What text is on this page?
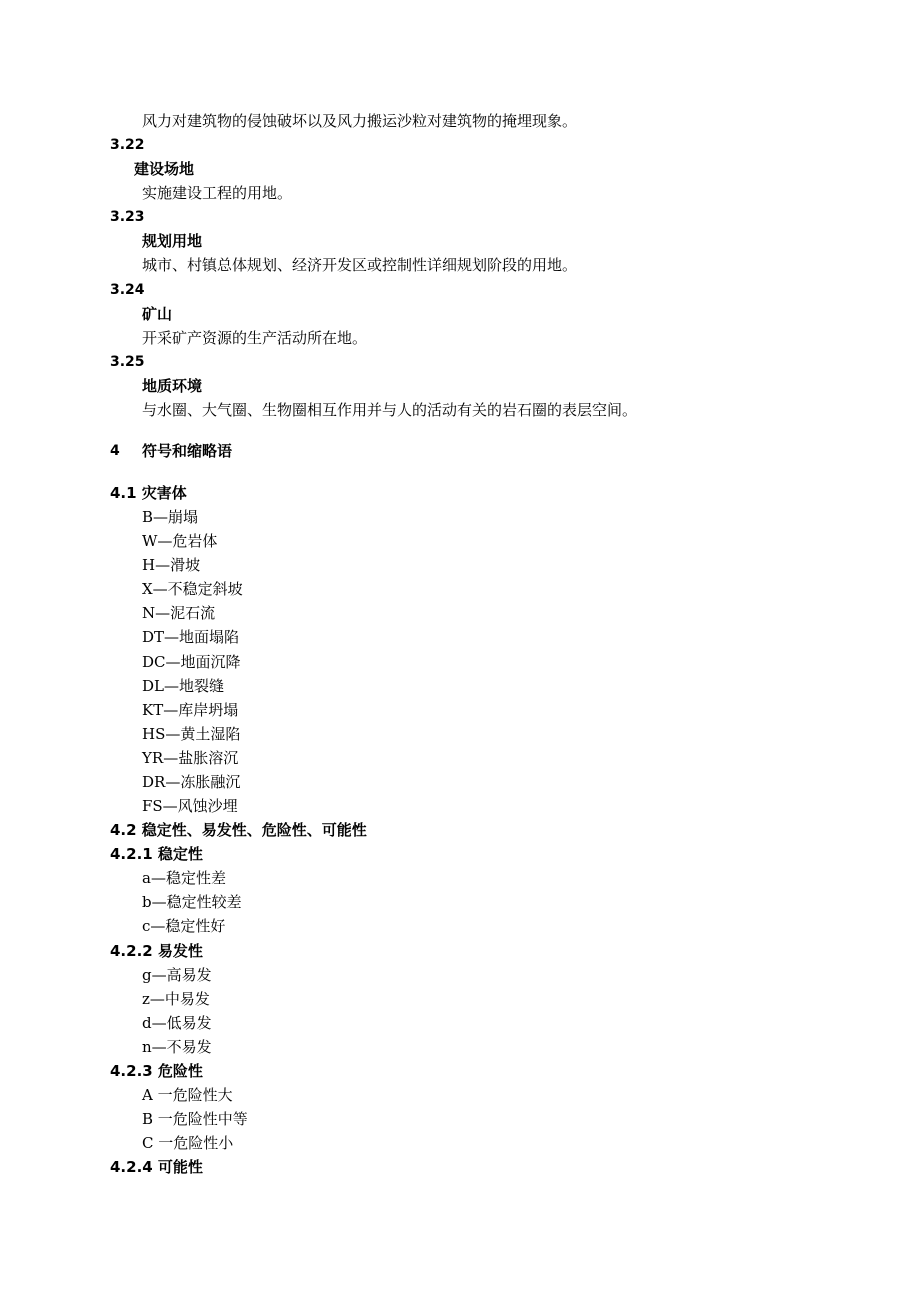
风力对建筑物的侵蚀破坏以及风力搬运沙粒对建筑物的掩埋现象。
3.22
建设场地
实施建设工程的用地。
3.23
规划用地
城市、村镇总体规划、经济开发区或控制性详细规划阶段的用地。
3.24
矿山
开采矿产资源的生产活动所在地。
3.25
地质环境
与水圈、大气圈、生物圈相互作用并与人的活动有关的岩石圈的表层空间。
4 符号和缩略语
4.1 灾害体
B—崩塌
W—危岩体
H—滑坡
X—不稳定斜坡
N—泥石流
DT—地面塌陷
DC—地面沉降
DL—地裂缝
KT—库岸坍塌
HS—黄土湿陷
YR—盐胀溶沉
DR—冻胀融沉
FS—风蚀沙埋
4.2 稳定性、易发性、危险性、可能性
4.2.1 稳定性
a—稳定性差
b—稳定性较差
c—稳定性好
4.2.2 易发性
g—高易发
z—中易发
d—低易发
n—不易发
4.2.3 危险性
A 一危险性大
B 一危险性中等
C 一危险性小
4.2.4 可能性
